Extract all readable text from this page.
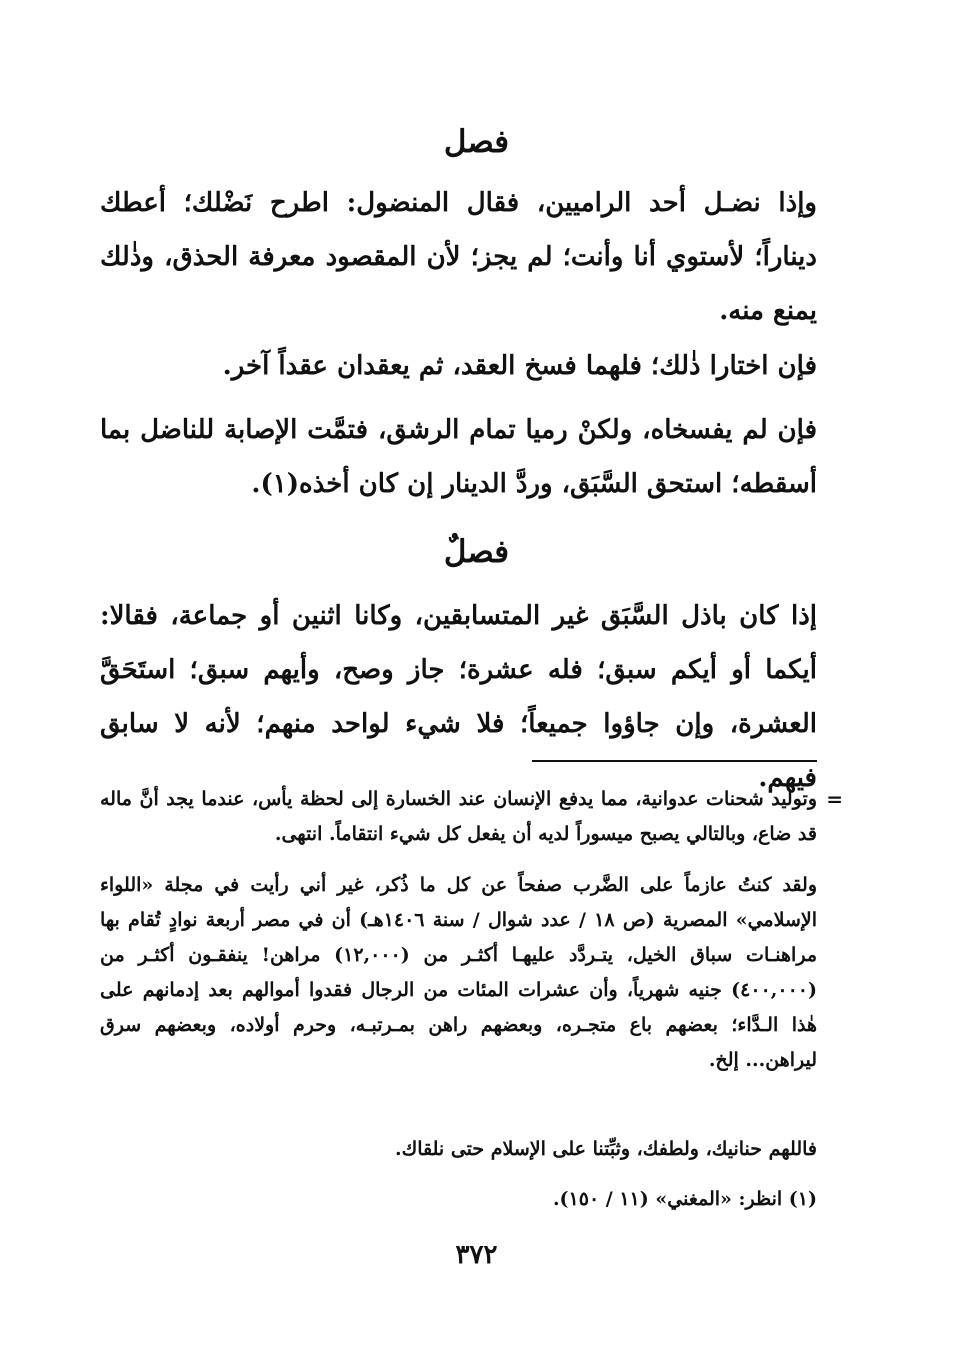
فصل

وإذا نضـل أحد الراميين، فقال المنضول: اطرح نَضْلك؛ أعطك ديناراً؛ لأستوي أنا وأنت؛ لم يجز؛ لأن المقصود معرفة الحذق، وذٰلك يمنع منه.

فإن اختارا ذٰلك؛ فلهما فسخ العقد، ثم يعقدان عقداً آخر.

فإن لم يفسخاه، ولكنْ رميا تمام الرشق، فتمَّت الإصابة للناضل بما أسقطه؛ استحق السَّبَق، وردَّ الدينار إن كان أخذه(١).

فصلٌ

إذا كان باذل السَّبَق غير المتسابقين، وكانا اثنين أو جماعة، فقالا: أيكما أو أيكم سبق؛ فله عشرة؛ جاز وصح، وأيهم سبق؛ استَحَقَّ العشرة، وإن جاؤوا جميعاً؛ فلا شيء لواحد منهم؛ لأنه لا سابق فيهم.

=

وتوليد شحنات عدوانية، مما يدفع الإنسان عند الخسارة إلى لحظة يأس، عندما يجد أنَّ ماله قد ضاع، وبالتالي يصبح ميسوراً لديه أن يفعل كل شيء انتقاماً. انتهى.

ولقد كنتُ عازماً على الضَّرب صفحاً عن كل ما ذُكر، غير أني رأيت في مجلة «اللواء الإسلامي» المصرية (ص ١٨ / عدد شوال / سنة ١٤٠٦هـ) أن في مصر أربعة نوادٍ تُقام بها مراهنـات سباق الخيل، يتـردَّد عليهـا أكثـر من (١٢,٠٠٠) مراهن! ينفقـون أكثـر من (٤٠٠,٠٠٠) جنيه شهرياً، وأن عشرات المئات من الرجال فقدوا أموالهم بعد إدمانهم على هٰذا الـدَّاء؛ بعضهم باع متجـره، وبعضهم راهن بمـرتبـه، وحرم أولاده، وبعضهم سرق ليراهن... إلخ.

فاللهم حنانيك، ولطفك، وثبِّتنا على الإسلام حتى نلقاك.

(١) انظر: «المغني» (١١ / ١٥٠).

٣٧٢
